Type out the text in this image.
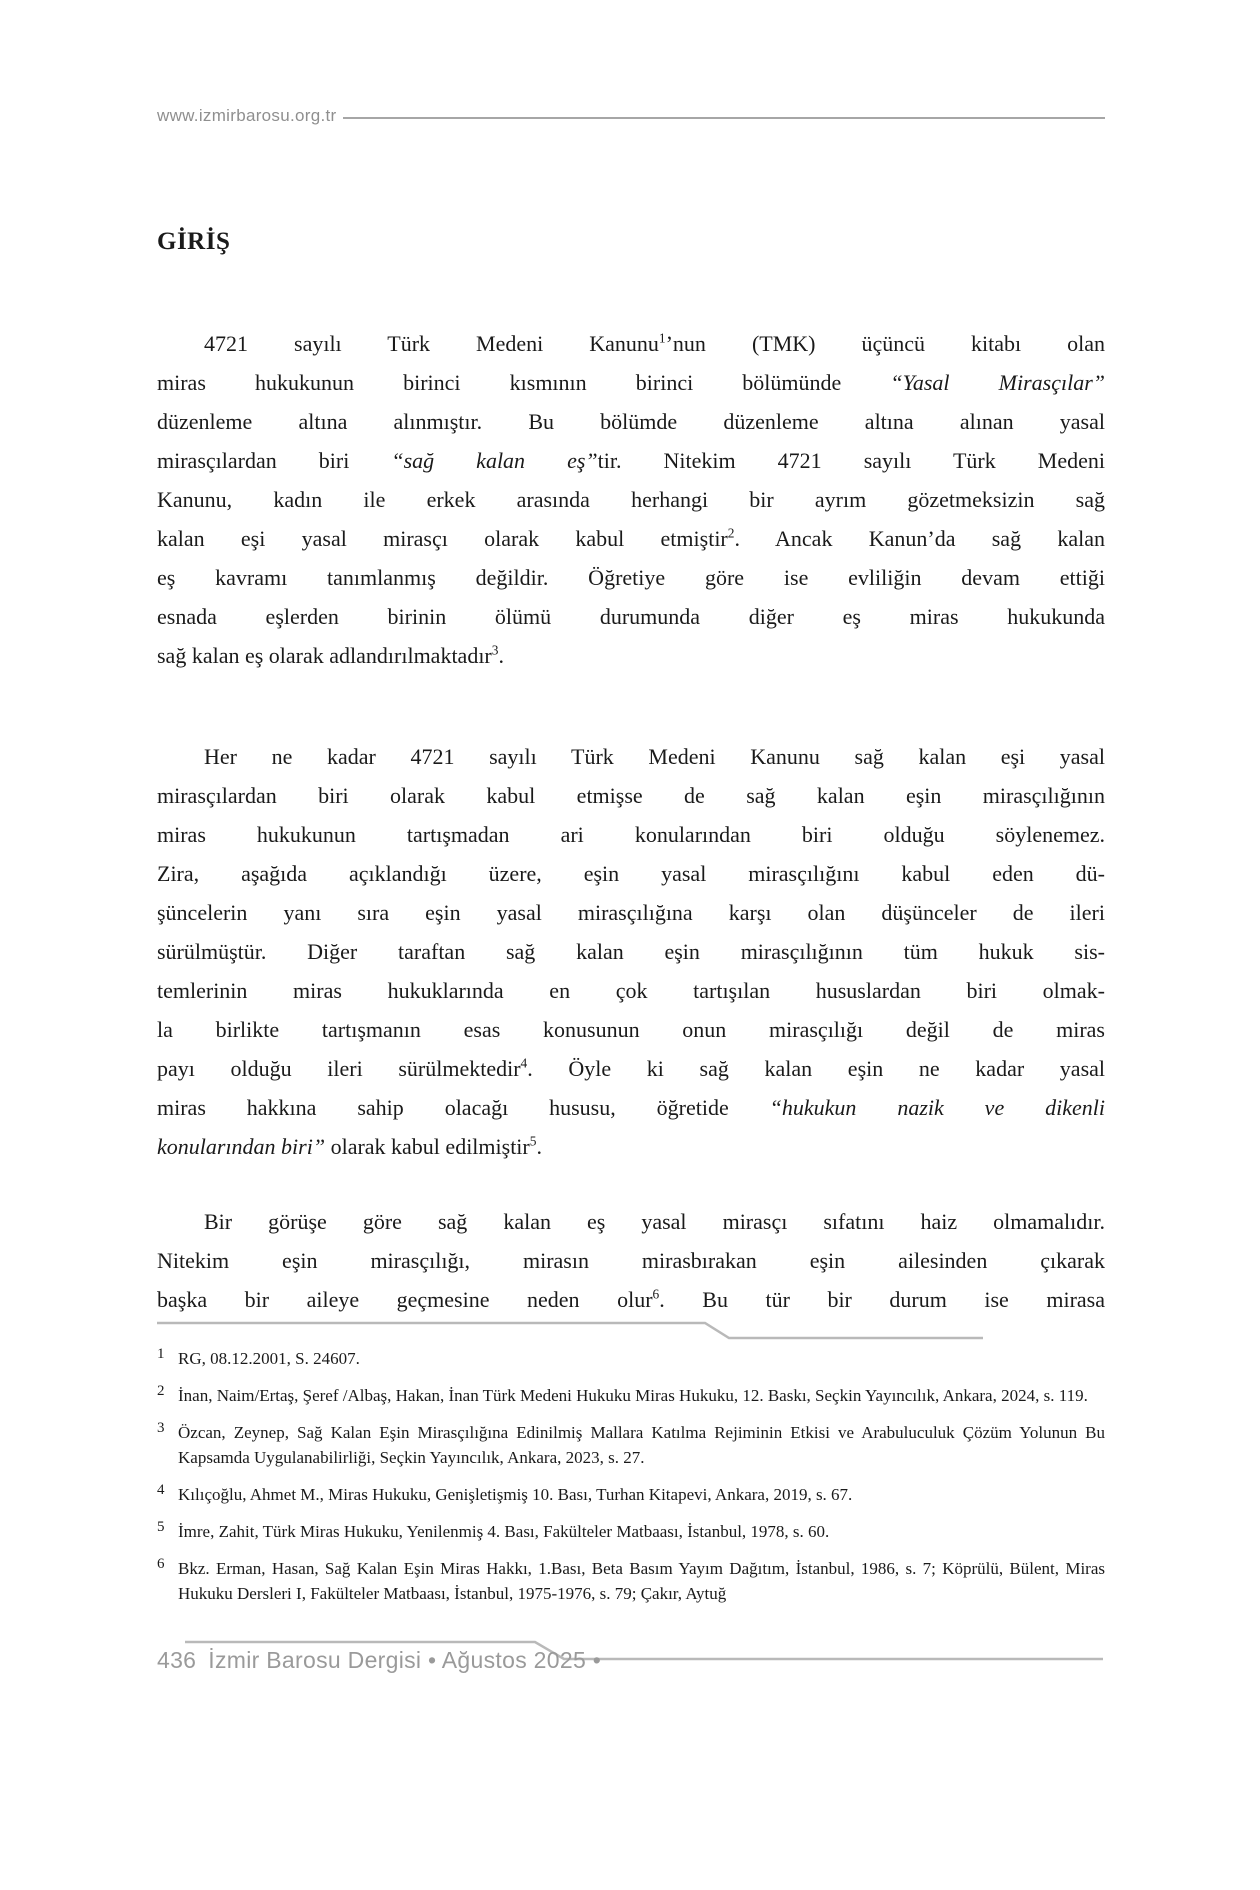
www.izmirbarosu.org.tr
GİRİŞ
4721 sayılı Türk Medeni Kanunu$^1$’nun (TMK) üçüncü kitabı olan
miras hukukunun birinci kısmının birinci bölümünde “Yasal Mirasçılar”
düzenleme altına alınmıştır. Bu bölümde düzenleme altına alınan yasal
mirasçılardan biri “sağ kalan eş”tir. Nitekim 4721 sayılı Türk Medeni
Kanunu, kadın ile erkek arasında herhangi bir ayrım gözetmeksizin sağ
kalan eşi yasal mirasçı olarak kabul etmiştir$^2$. Ancak Kanun’da sağ kalan
eş kavramı tanımlanmış değildir. Öğretiye göre ise evliliğin devam ettiği
esnada eşlerden birinin ölümü durumunda diğer eş miras hukukunda
sağ kalan eş olarak adlandırılmaktadır$^3$.
Her ne kadar 4721 sayılı Türk Medeni Kanunu sağ kalan eşi yasal
mirasçılardan biri olarak kabul etmişse de sağ kalan eşin mirasçılığının
miras hukukunun tartışmadan ari konularından biri olduğu söylenemez.
Zira, aşağıda açıklandığı üzere, eşin yasal mirasçılığını kabul eden dü-
şüncelerin yanı sıra eşin yasal mirasçılığına karşı olan düşünceler de ileri
sürülmüştür. Diğer taraftan sağ kalan eşin mirasçılığının tüm hukuk sis-
temlerinin miras hukuklarında en çok tartışılan hususlardan biri olmak-
la birlikte tartışmanın esas konusunun onun mirasçılığı değil de miras
payı olduğu ileri sürülmektedir$^4$. Öyle ki sağ kalan eşin ne kadar yasal
miras hakkına sahip olacağı hususu, öğretide “hukukun nazik ve dikenli
konularından biri” olarak kabul edilmiştir$^5$.
Bir görüşe göre sağ kalan eş yasal mirasçı sıfatını haiz olmamalıdır.
Nitekim eşin mirasçılığı, mirasın mirasbırakan eşin ailesinden çıkarak
başka bir aileye geçmesine neden olur$^6$. Bu tür bir durum ise mirasa
1 RG, 08.12.2001, S. 24607.
2 İnan, Naim/Ertaş, Şeref /Albaş, Hakan, İnan Türk Medeni Hukuku Miras Hukuku, 12. Baskı, Seçkin Yayıncılık, Ankara, 2024, s. 119.
3 Özcan, Zeynep, Sağ Kalan Eşin Mirasçılığına Edinilmiş Mallara Katılma Rejiminin Etkisi ve Arabuluculuk Çözüm Yolunun Bu Kapsamda Uygulanabilirliği, Seçkin Yayıncılık, Ankara, 2023, s. 27.
4 Kılıçoğlu, Ahmet M., Miras Hukuku, Genişletişmiş 10. Bası, Turhan Kitapevi, Ankara, 2019, s. 67.
5 İmre, Zahit, Türk Miras Hukuku, Yenilenmiş 4. Bası, Fakülteler Matbaası, İstanbul, 1978, s. 60.
6 Bkz. Erman, Hasan, Sağ Kalan Eşin Miras Hakkı, 1.Bası, Beta Basım Yayım Dağıtım, İstanbul, 1986, s. 7; Köprülü, Bülent, Miras Hukuku Dersleri I, Fakülteler Matbaası, İstanbul, 1975-1976, s. 79; Çakır, Aytuğ
436 İzmir Barosu Dergisi • Ağustos 2025 •
